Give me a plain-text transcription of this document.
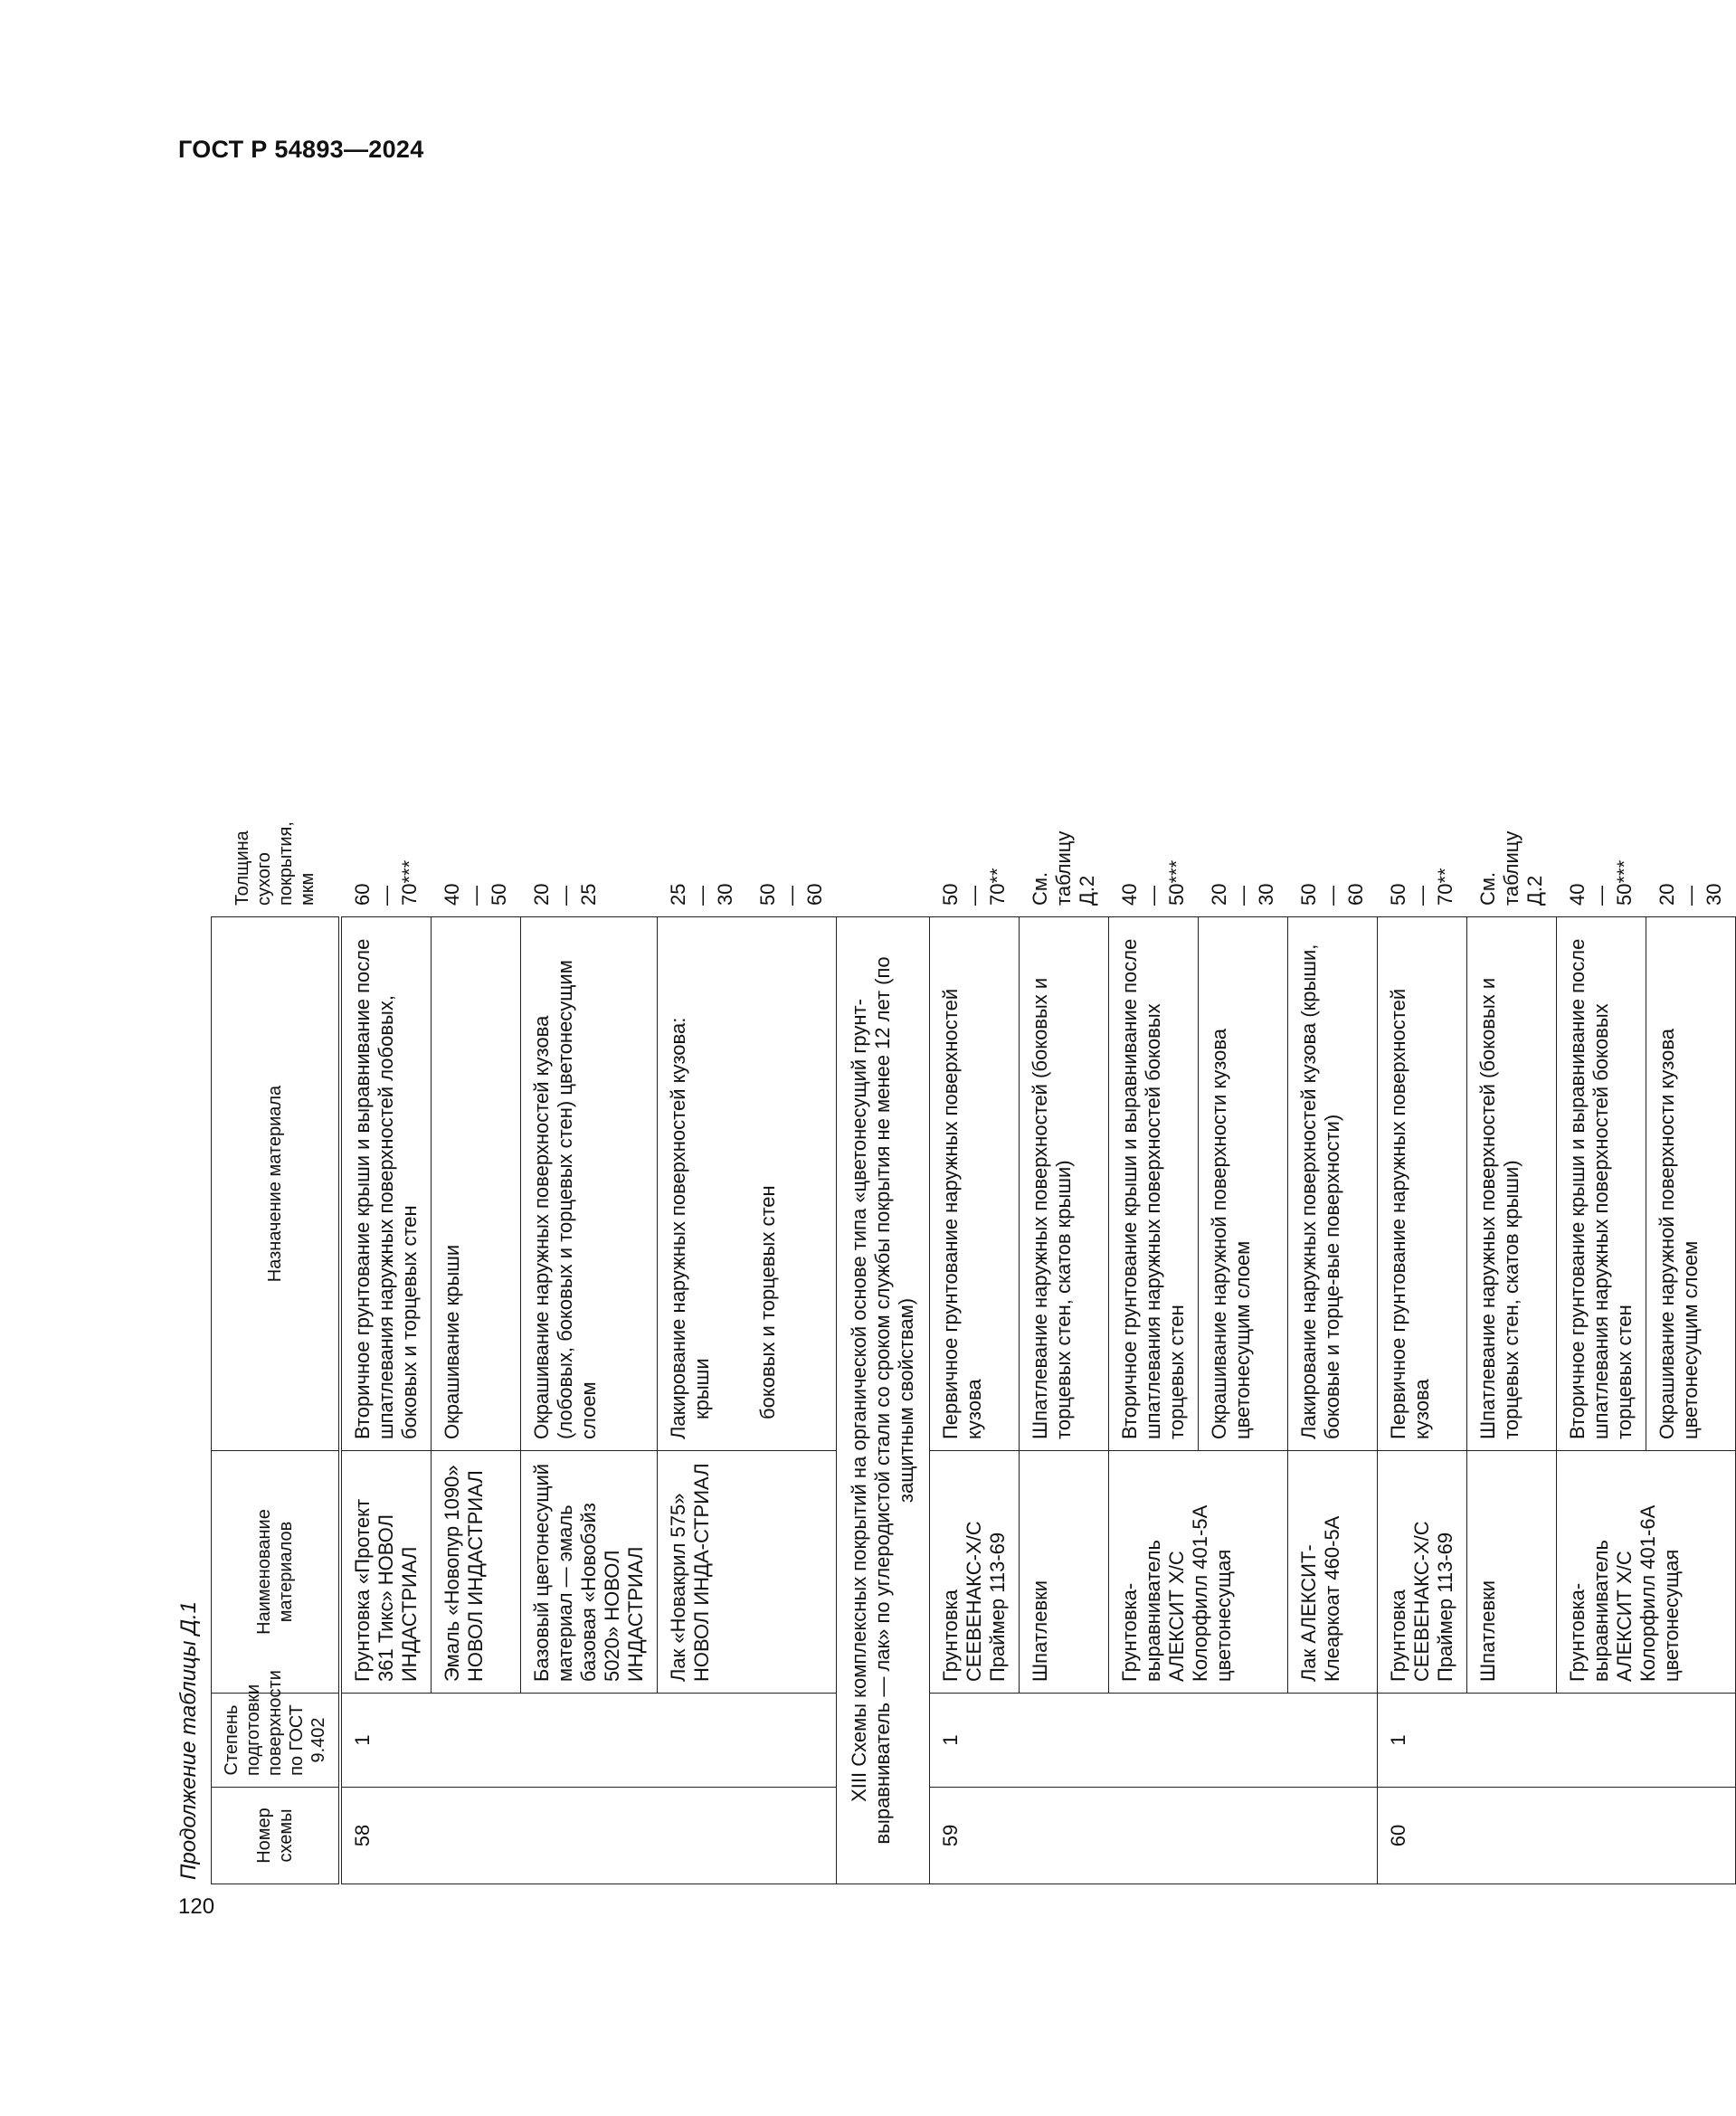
ГОСТ Р 54893—2024
120
Продолжение таблицы Д.1	Номер схемы	Степень подготовки поверхности по ГОСТ 9.402	Наименование материалов	Назначение материала	Толщина сухого покрытия, мкм
58	1	Грунтовка «Протект 361 Тикс» НОВОЛ ИНДАСТРИАЛ	Вторичное грунтование крыши и выравнивание после шпатлевания наружных поверхностей лобовых, боковых и торцевых стен	60—70***
		Эмаль «Новопур 1090» НОВОЛ ИНДАСТРИАЛ	Окрашивание крыши	40—50
		Базовый цветонесущий материал — эмаль базовая «Новобэйз 5020» НОВОЛ ИНДАСТРИАЛ	Окрашивание наружных поверхностей кузова (лобовых, боковых и торцевых стен) цветонесущим слоем	20—25
		Лак «Новакрил 575» НОВОЛ ИНДА-СТРИАЛ	Лакирование наружных поверхностей кузова: крыши	25—30
			боковых и торцевых стен	50—60
XIII Схемы комплексных покрытий на органической основе типа «цветонесущий грунт-выравниватель — лак» по углеродистой стали со сроком службы покрытия не менее 12 лет (по защитным свойствам)				
59	1	Грунтовка СЕЕВЕНАКС-Х/С Праймер 113-69	Первичное грунтование наружных поверхностей кузова	50—70**
		Шпатлевки	Шпатлевание наружных поверхностей (боковых и торцевых стен, скатов крыши)	См. таблицу Д.2
		Грунтовка-выравниватель АЛЕКСИТ Х/С Колорфилл 401-5А цветонесущая	Вторичное грунтование крыши и выравнивание после шпатлевания наружных поверхностей боковых торцевых стен	40—50***
			Окрашивание наружной поверхности кузова цветонесущим слоем	20—30
		Лак АЛЕКСИТ-Клеаркоат 460-5А	Лакирование наружных поверхностей кузова (крыши, боковые и торце-вые поверхности)	50—60
60	1	Грунтовка СЕЕВЕНАКС-Х/С Праймер 113-69	Первичное грунтование наружных поверхностей кузова	50—70**
		Шпатлевки	Шпатлевание наружных поверхностей (боковых и торцевых стен, скатов крыши)	См. таблицу Д.2
		Грунтовка-выравниватель АЛЕКСИТ Х/С Колорфилл 401-6А цветонесущая	Вторичное грунтование крыши и выравнивание после шпатлевания наружных поверхностей боковых торцевых стен	40—50***
			Окрашивание наружной поверхности кузова цветонесущим слоем	20—30
